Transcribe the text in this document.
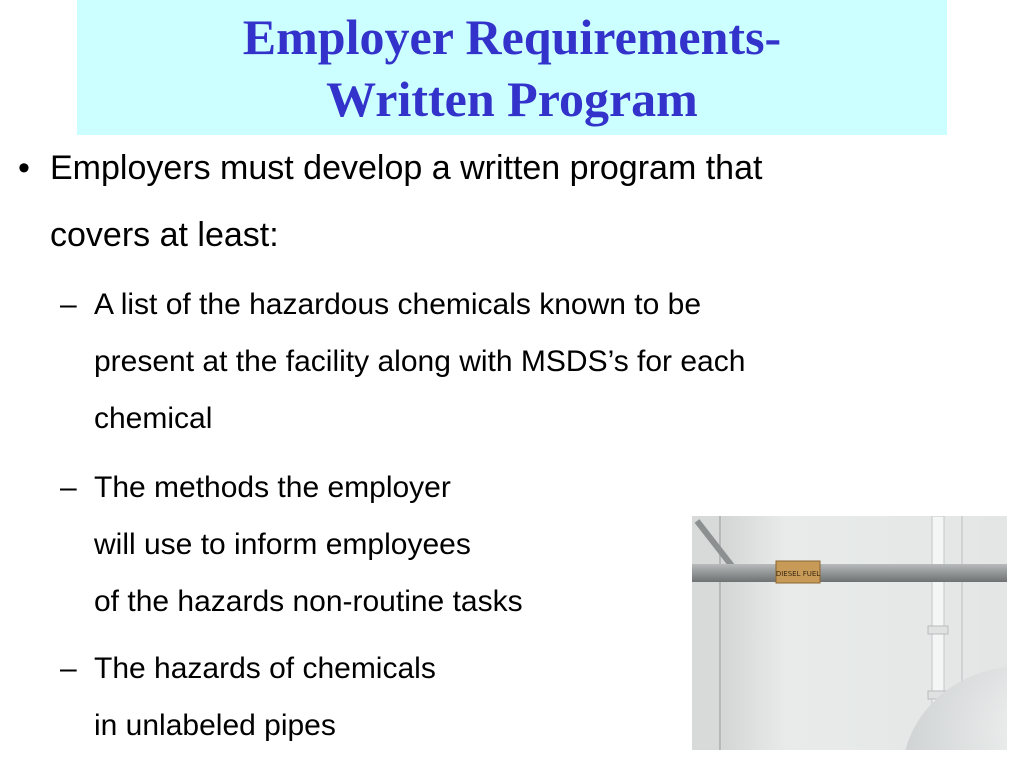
Employer Requirements-
Written Program
• Employers must develop a written program that
covers at least:
– A list of the hazardous chemicals known to be
present at the facility along with MSDS’s for each
chemical
– The methods the employer
will use to inform employees
of the hazards non-routine tasks
– The hazards of chemicals
in unlabeled pipes
DIESEL FUEL
